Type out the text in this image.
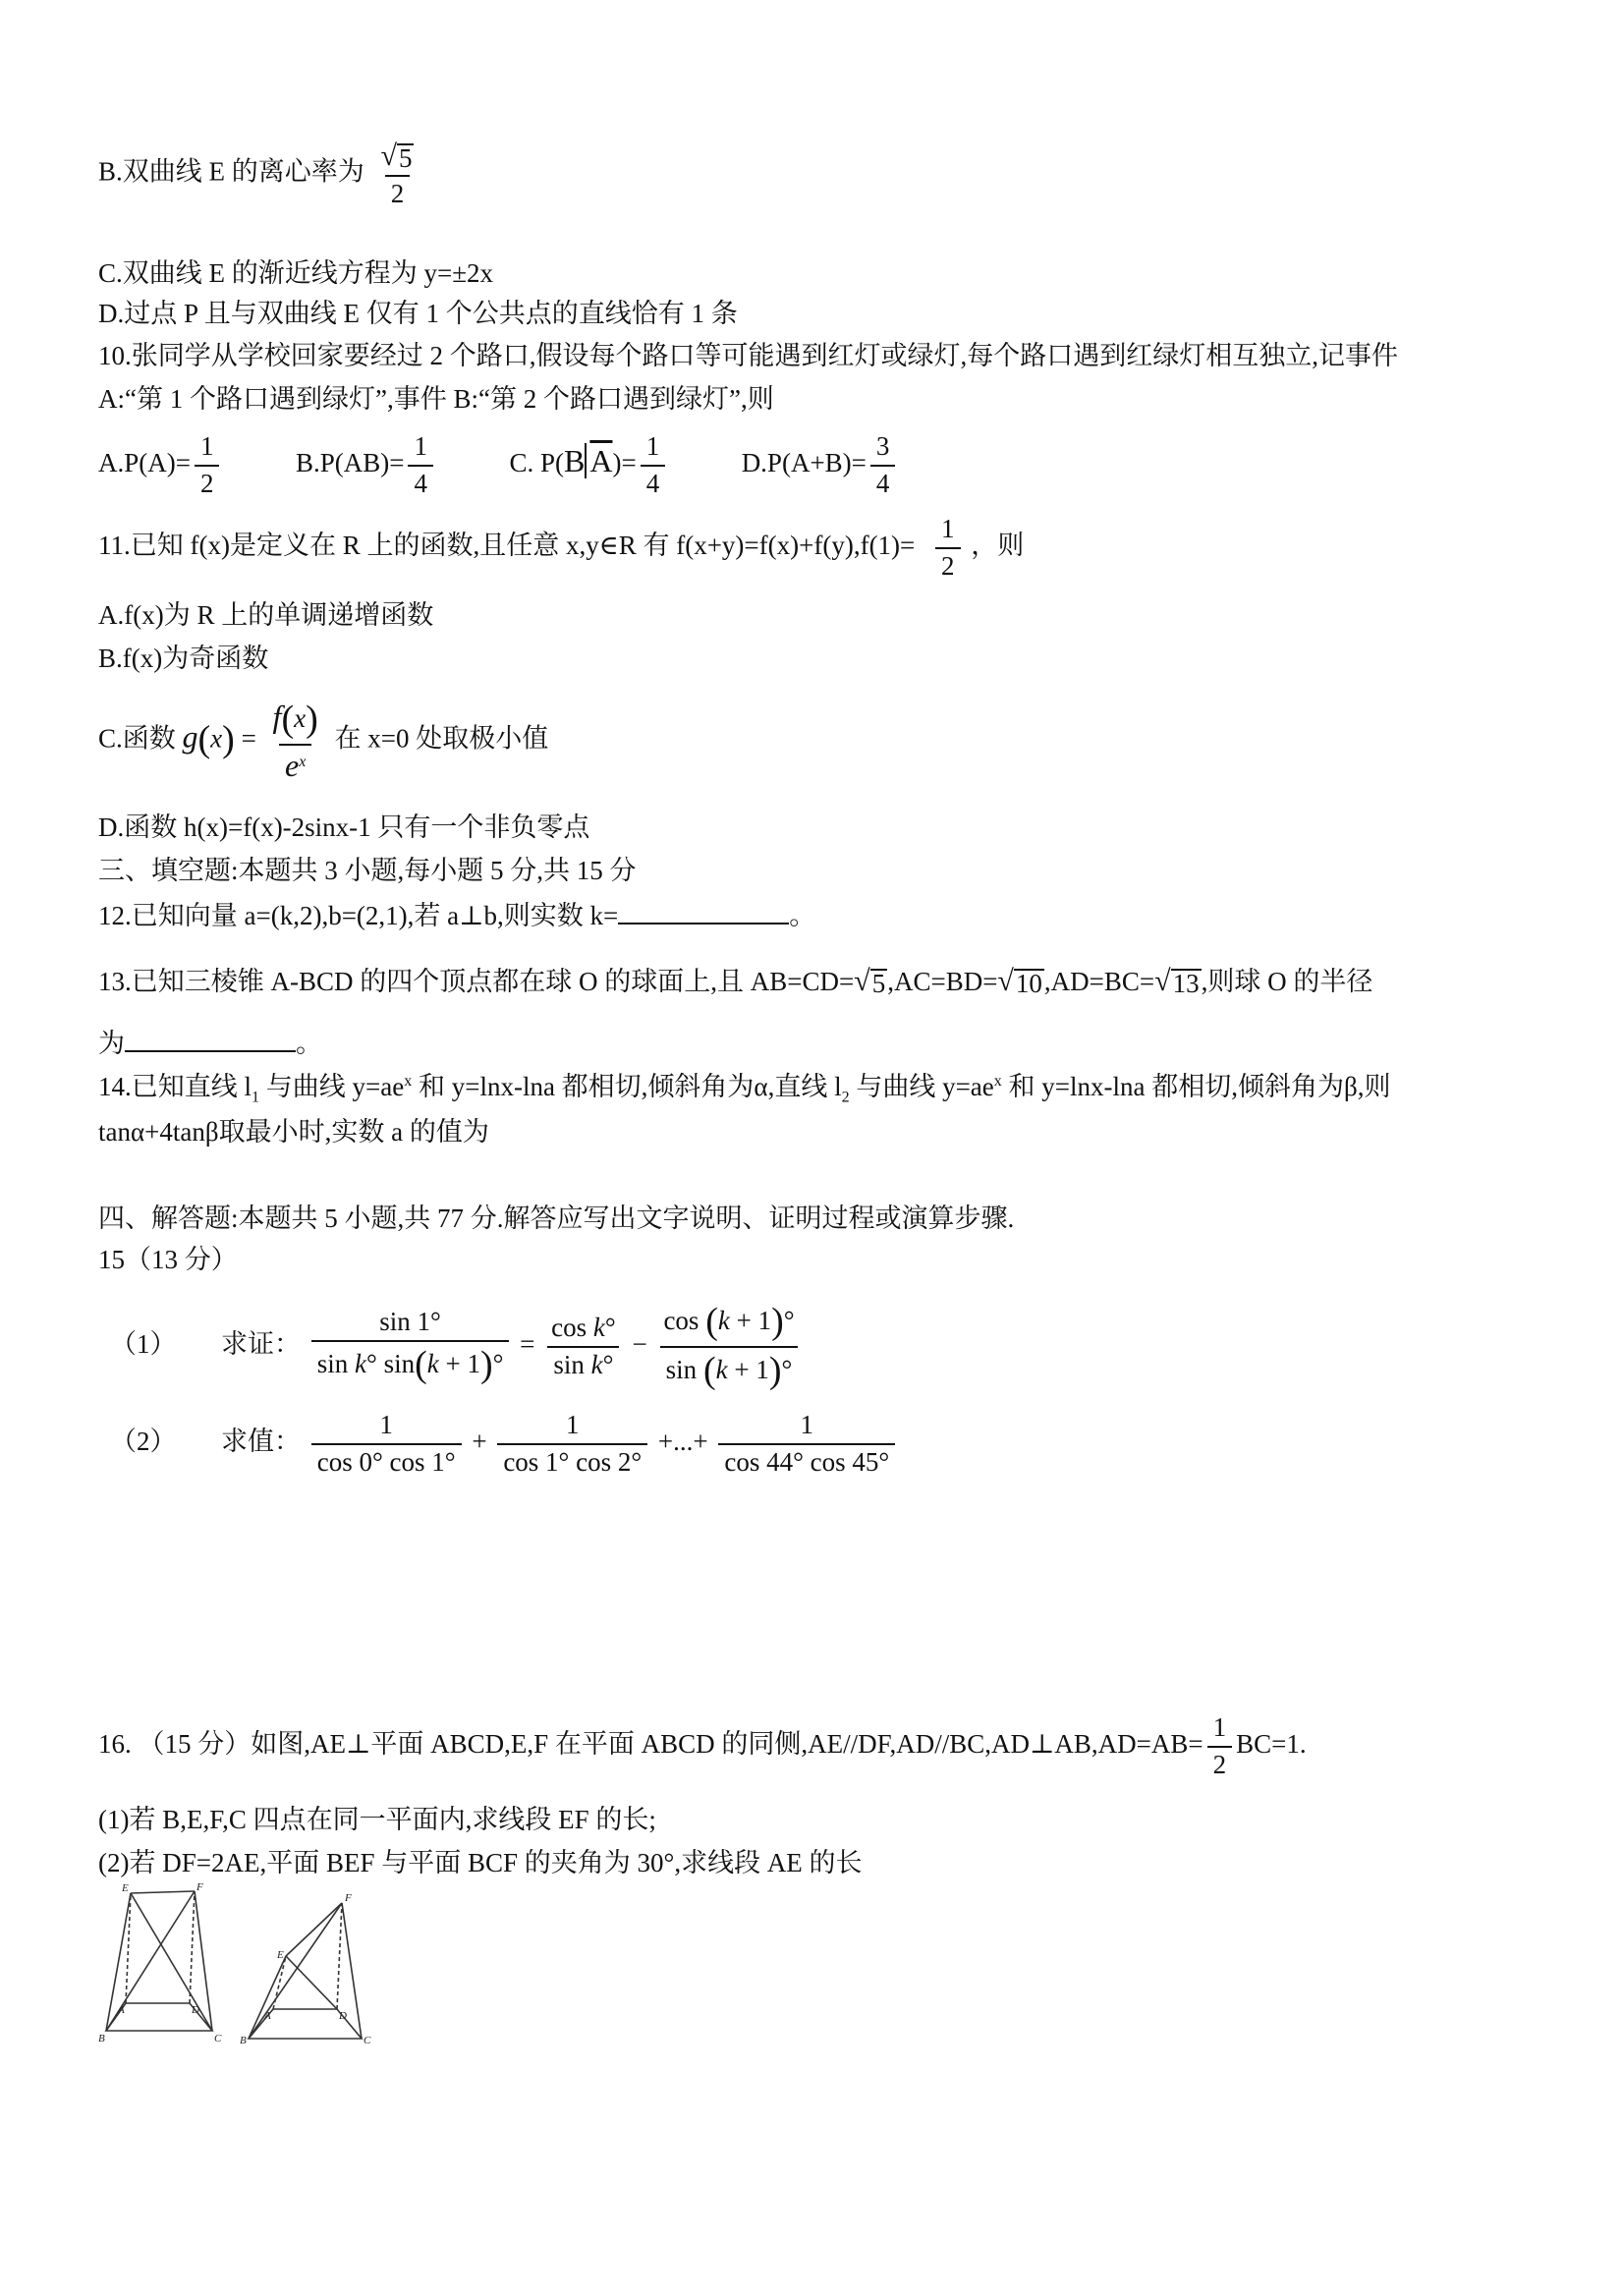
B.双曲线 E 的离心率为 $\frac{√ 5}{2}$
C.双曲线 E 的渐近线方程为 y=±2x
D.过点 P 且与双曲线 E 仅有 1 个公共点的直线恰有 1 条
10.张同学从学校回家要经过 2 个路口,假设每个路口等可能遇到红灯或绿灯,每个路口遇到红绿灯相互独立,记事件
A:“第 1 个路口遇到绿灯”,事件 B:“第 2 个路口遇到绿灯”,则
$A.P(A)= \frac{1}{2}$	$B.P(AB)= \frac{1}{4}$	C. P(B $\overline{A})= \frac{1}{4}$	$D.P(A+B)= \frac{3}{4}$
11.已知 f(x)是定义在 R 上的函数,且任意 x,y∈R 有 $f(x+y)=f(x)+f(y),f(1)= \frac{1}{2}$ ，则
A.f(x)为 R 上的单调递增函数
B.f(x)为奇函数
C.函数 $g(x) = \frac{f(x)}{e^x}$ 在 x=0 处取极小值
D.函数 h(x)=f(x)-2sinx-1 只有一个非负零点
三、填空题:本题共 3 小题,每小题 5 分,共 15 分
12.已知向量 a=(k,2),b=(2,1),若 a⊥b,则实数 k=	。
13.已知三棱锥 A-BCD 的四个顶点都在球 O 的球面上,且 AB=CD= √ 5 ,AC=BD= √ 10 ,AD=BC= √ 13 ,则球 O 的半径
为	。
14.已知直线 $l_1$ 与曲线 $y=ae^x$ 和 y=lnx-lna 都相切,倾斜角为α,直线 $l_2$ 与曲线 $y=ae^x$ 和 y=lnx-lna 都相切,倾斜角为β,则
tanα+4tanβ取最小时,实数 a 的值为
四、解答题:本题共 5 小题,共 77 分.解答应写出文字说明、证明过程或演算步骤.
15（13 分）
（1） 求证： $\frac{\sin 1^\circ}{\text{sin k° sin(k + 1)°}} = \frac{\text{cos k°}}{\text{sin k°}} - \frac{\cos (k + 1)^\circ}{\sin (k + 1)^\circ}$
（2） 求值： $\frac{1}{\cos 0^\circ \cos 1^\circ} + \frac{1}{\cos 1^\circ \cos 2^\circ}$ +...+ $\frac{1}{\cos 44^\circ \cos 45^\circ}$
16. （15 分）如图,AE⊥平面 ABCD,E,F 在平面 ABCD 的同侧,AE//DF,AD//BC,AD⊥AB,AD=AB= $\frac{1}{2} BC=1$.
(1)若 B,E,F,C 四点在同一平面内,求线段 EF 的长;
(2)若 DF=2AE,平面 BEF 与平面 BCF 的夹角为 30°,求线段 AE 的长
E	F
A	D
B	C
E
F
A	D
B	C
